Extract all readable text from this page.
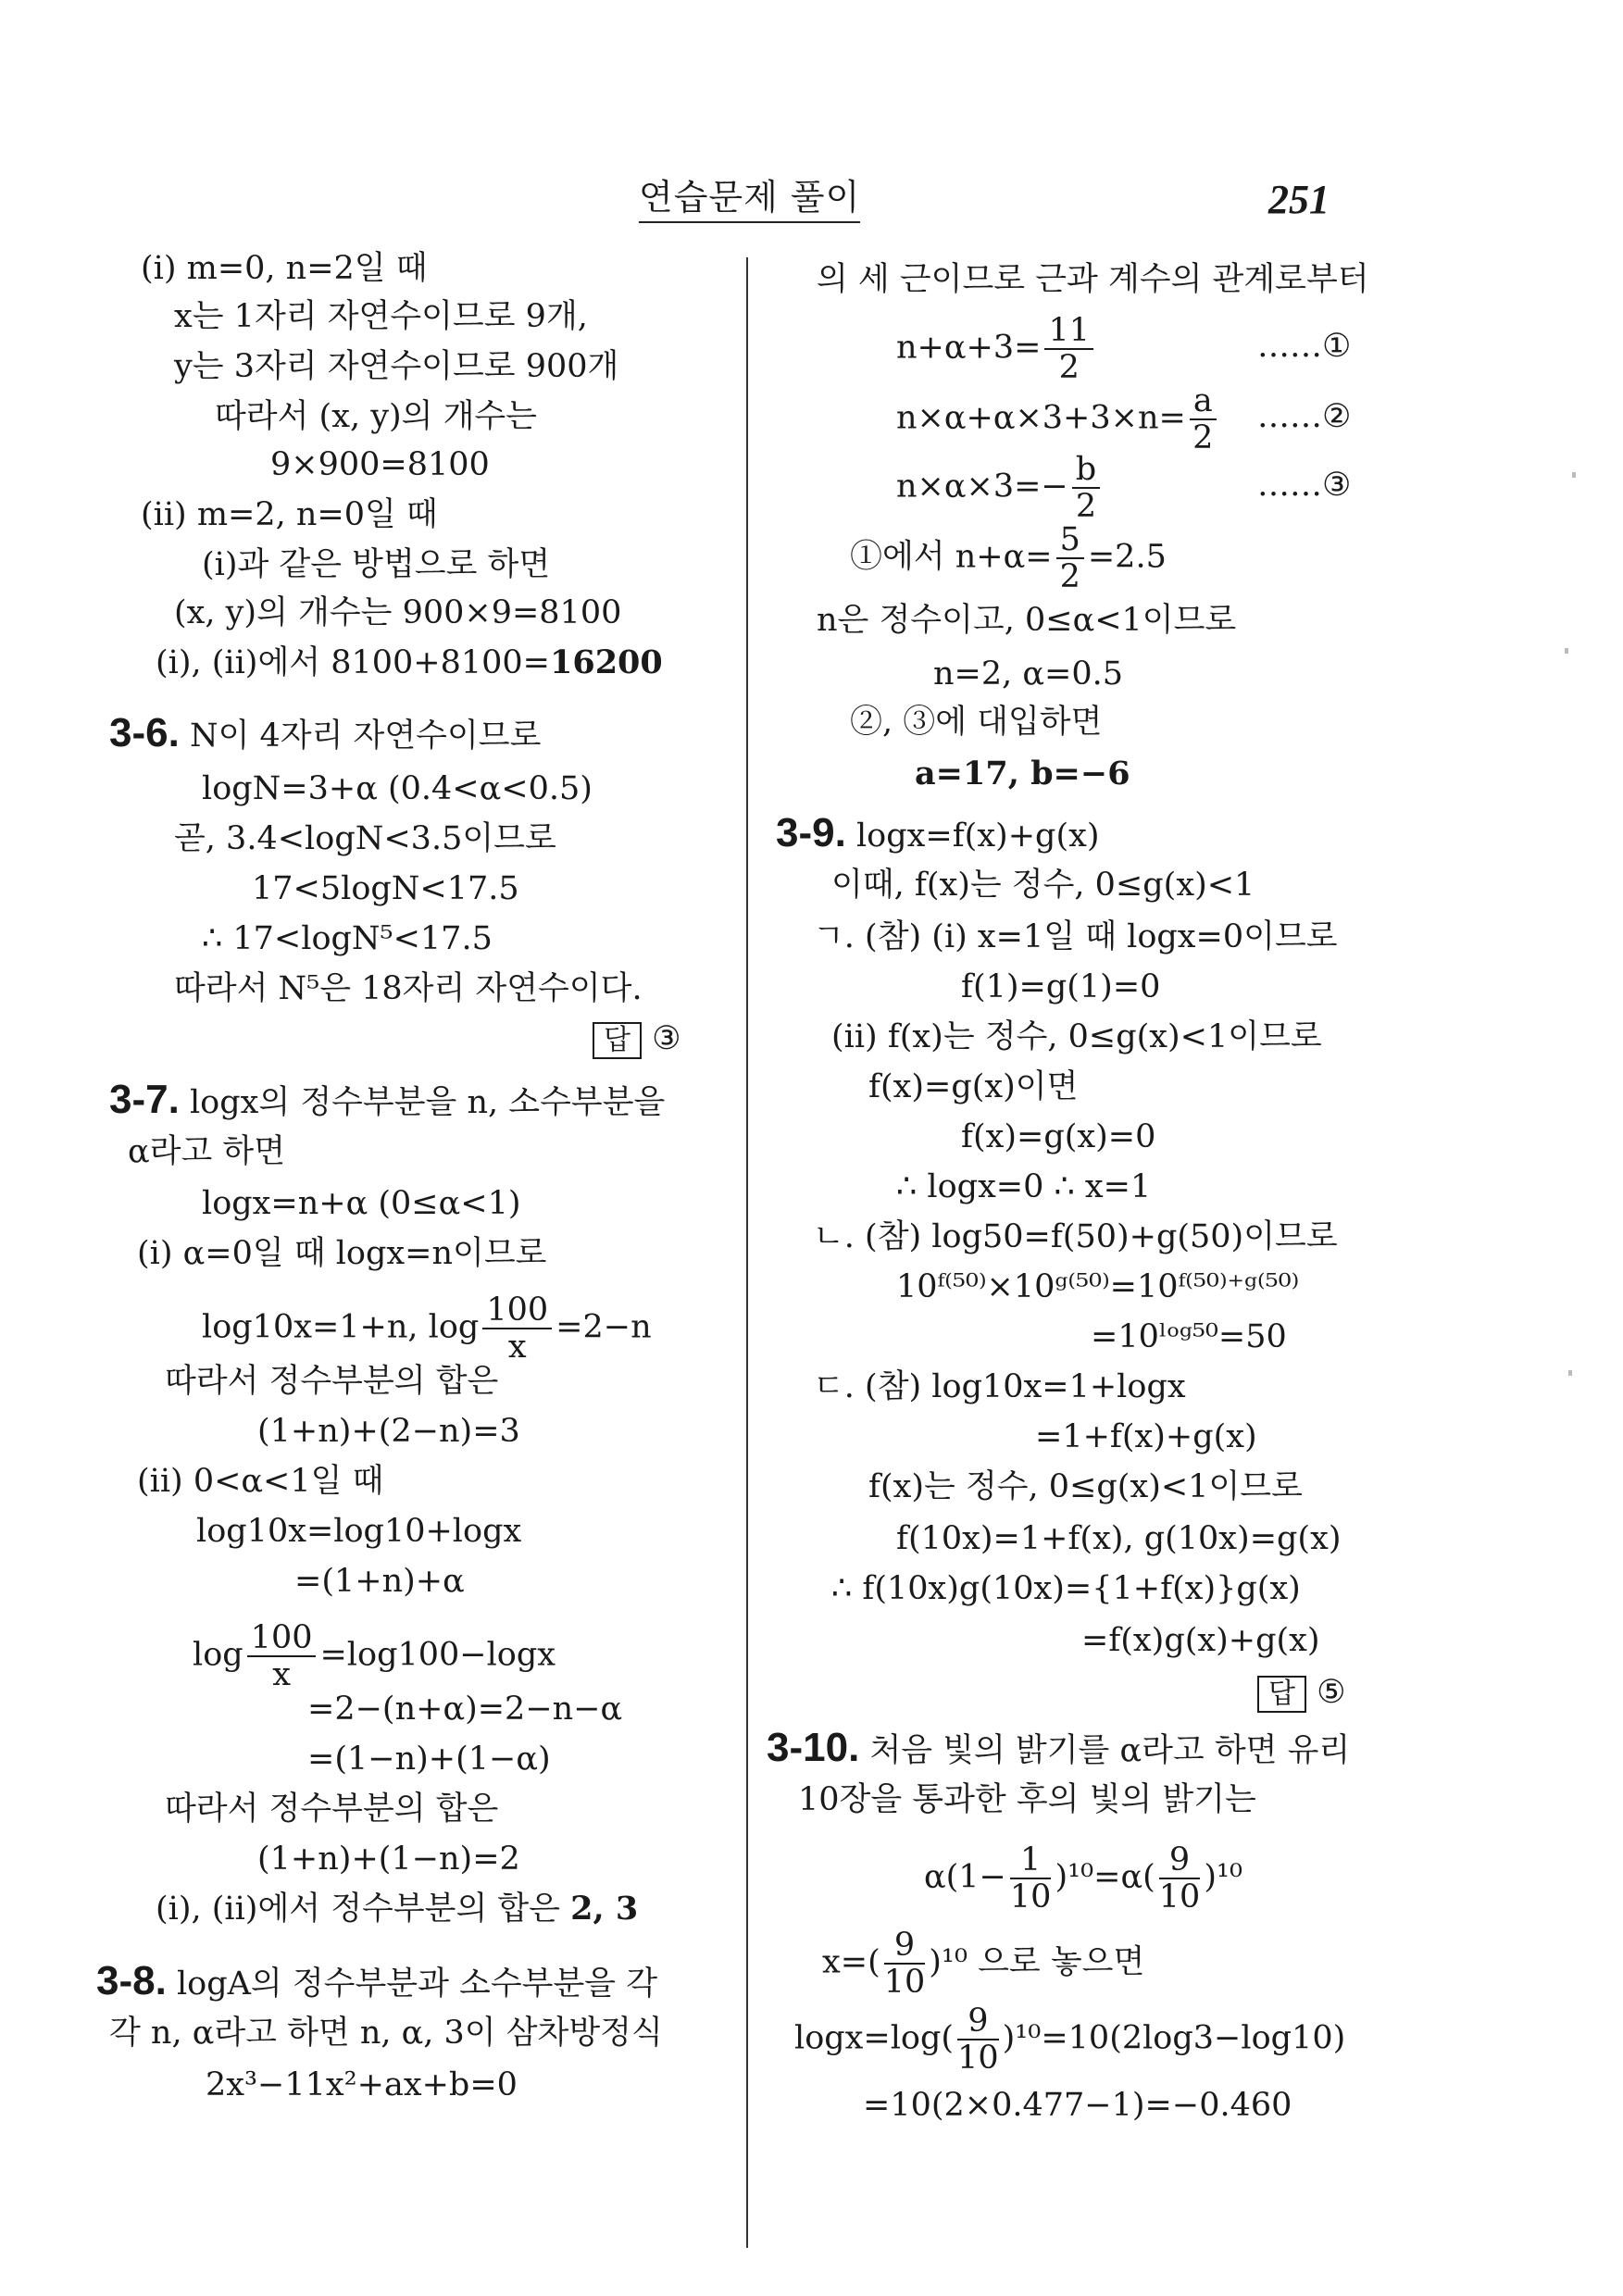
연습문제 풀이	251
(i) m=0, n=2일 때
x는 1자리 자연수이므로 9개,
y는 3자리 자연수이므로 900개
따라서 (x, y)의 개수는
9×900=8100
(ii) m=2, n=0일 때
(i)과 같은 방법으로 하면
(x, y)의 개수는 900×9=8100
(i), (ii)에서 8100+8100=16200
3-6. N이 4자리 자연수이므로
logN=3+α (0.4<α<0.5)
곧, 3.4<logN<3.5이므로
17<5logN<17.5
∴ 17<logN⁵<17.5
따라서 N⁵은 18자리 자연수이다.
답 ③
3-7. logx의 정수부분을 n, 소수부분을
α라고 하면
logx=n+α (0≤α<1)
(i) α=0일 때 logx=n이므로
log10x=1+n, $\log \frac{100}{x} =2-n$
따라서 정수부분의 합은
(1+n)+(2−n)=3
(ii) 0<α<1일 때
log10x=log10+logx
=(1+n)+α
$\log \frac{100}{x} =\log 100-\log x$
=2−(n+α)=2−n−α
=(1−n)+(1−α)
따라서 정수부분의 합은
(1+n)+(1−n)=2
(i), (ii)에서 정수부분의 합은 2, 3
3-8. logA의 정수부분과 소수부분을 각
각 n, α라고 하면 n, α, 3이 삼차방정식
2x³−11x²+ax+b=0
의 세 근이므로 근과 계수의 관계로부터
$n+\alpha+3= \frac{11}{2}$	……①
$n\times\alpha+\alpha\times 3+3\times n= \frac{a}{2}$ ……②
$n\times\alpha\times 3=- \frac{b}{2}$	……③
①에서 $n+\alpha= \frac{5}{2} =2.5$
n은 정수이고, 0≤α<1이므로
n=2, α=0.5
②, ③에 대입하면
a=17, b=−6
3-9. logx=f(x)+g(x)
이때, f(x)는 정수, 0≤g(x)<1
ㄱ. (참) (i) x=1일 때 logx=0이므로
f(1)=g(1)=0
(ii) f(x)는 정수, 0≤g(x)<1이므로
f(x)=g(x)이면
f(x)=g(x)=0
∴ logx=0 ∴ x=1
ㄴ. (참) log50=f(50)+g(50)이므로
10ᶠ⁽⁵⁰⁾×10ᵍ⁽⁵⁰⁾=10ᶠ⁽⁵⁰⁾⁺ᵍ⁽⁵⁰⁾
=10ˡᵒᵍ⁵⁰=50
ㄷ. (참) log10x=1+logx
=1+f(x)+g(x)
f(x)는 정수, 0≤g(x)<1이므로
f(10x)=1+f(x), g(10x)=g(x)
∴ f(10x)g(10x)={1+f(x)}g(x)
=f(x)g(x)+g(x)
답 ⑤
3-10. 처음 빛의 밝기를 α라고 하면 유리
10장을 통과한 후의 빛의 밝기는
$\alpha(1- \frac{1}{10} )^{10}=\alpha( \frac{9}{10} )^{10}$
$x=( \frac{9}{10} )^{10}$ 으로 놓으면
$\log x=\log( \frac{9}{10} )^{10}=10(2\log 3-\log 10)$
=10(2×0.477−1)=−0.460
